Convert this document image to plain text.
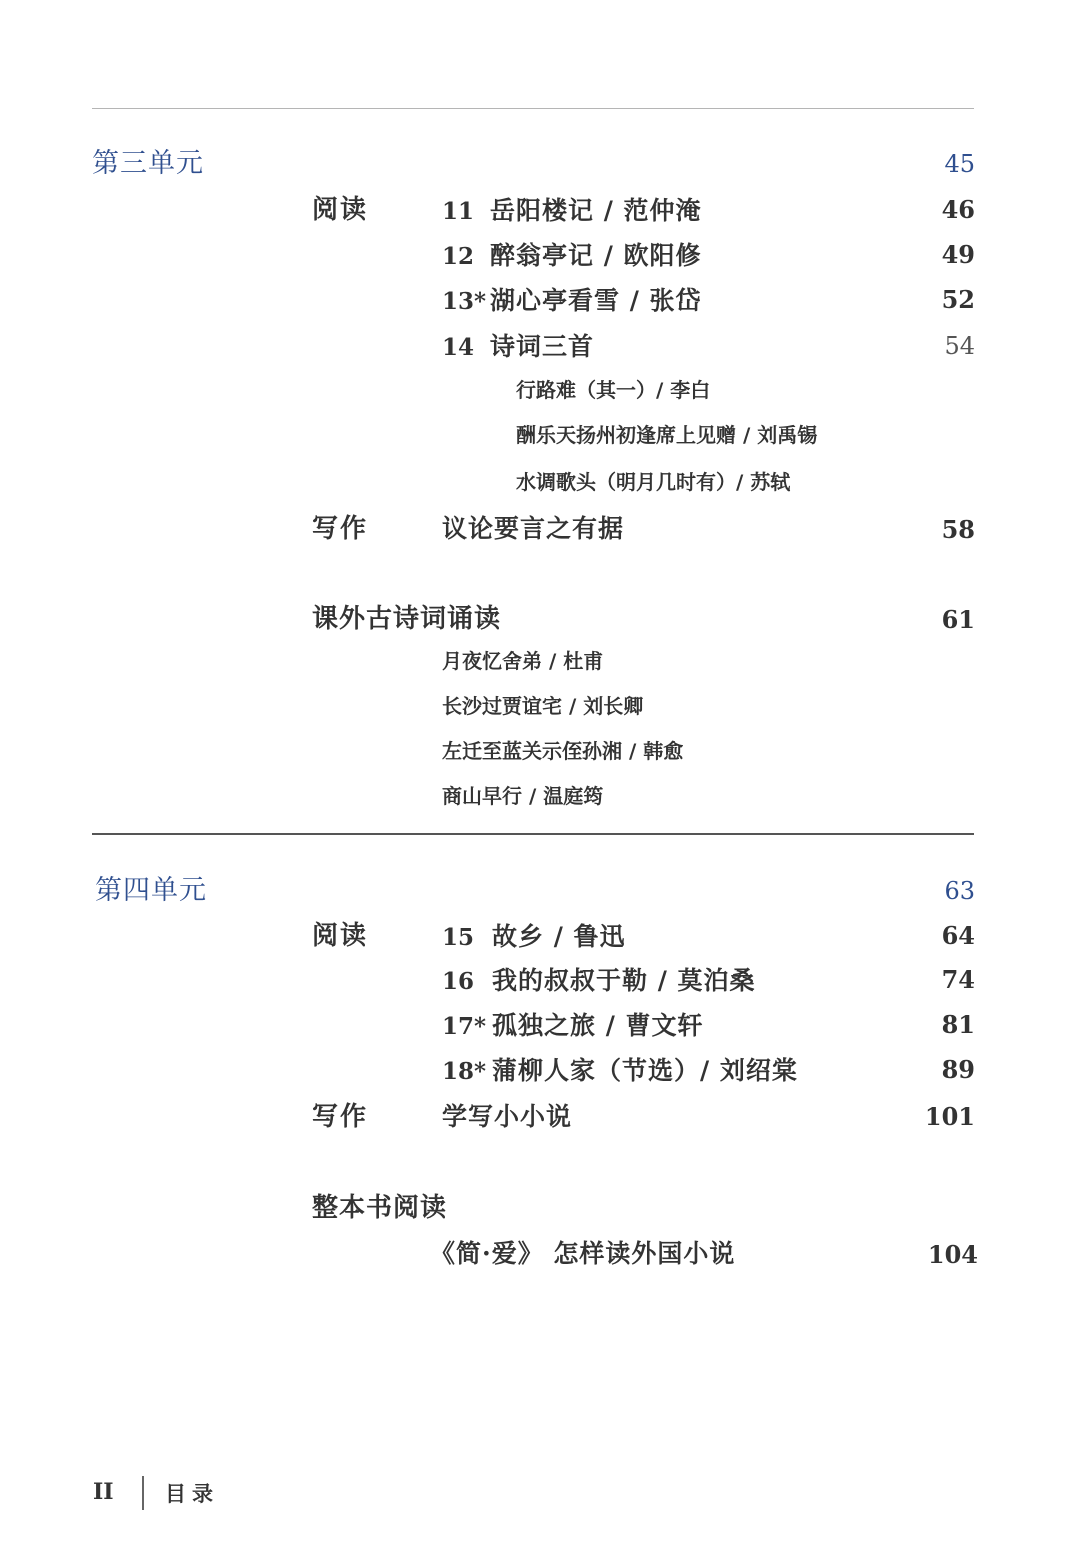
第三单元	45
阅读	11 岳阳楼记 / 范仲淹	46
12 醉翁亭记 / 欧阳修	49
13* 湖心亭看雪 / 张岱	52
14 诗词三首	54
行路难（其一）/ 李白
酬乐天扬州初逢席上见赠 / 刘禹锡
水调歌头（明月几时有）/ 苏轼
写作	议论要言之有据	58
课外古诗词诵读	61
月夜忆舍弟 / 杜甫
长沙过贾谊宅 / 刘长卿
左迁至蓝关示侄孙湘 / 韩愈
商山早行 / 温庭筠
第四单元	63
阅读	15 故乡 / 鲁迅	64
16 我的叔叔于勒 / 莫泊桑	74
17* 孤独之旅 / 曹文轩	81
18* 蒲柳人家（节选）/ 刘绍棠	89
写作	学写小小说	101
整本书阅读
《简·爱》 怎样读外国小说	104
II 目录
